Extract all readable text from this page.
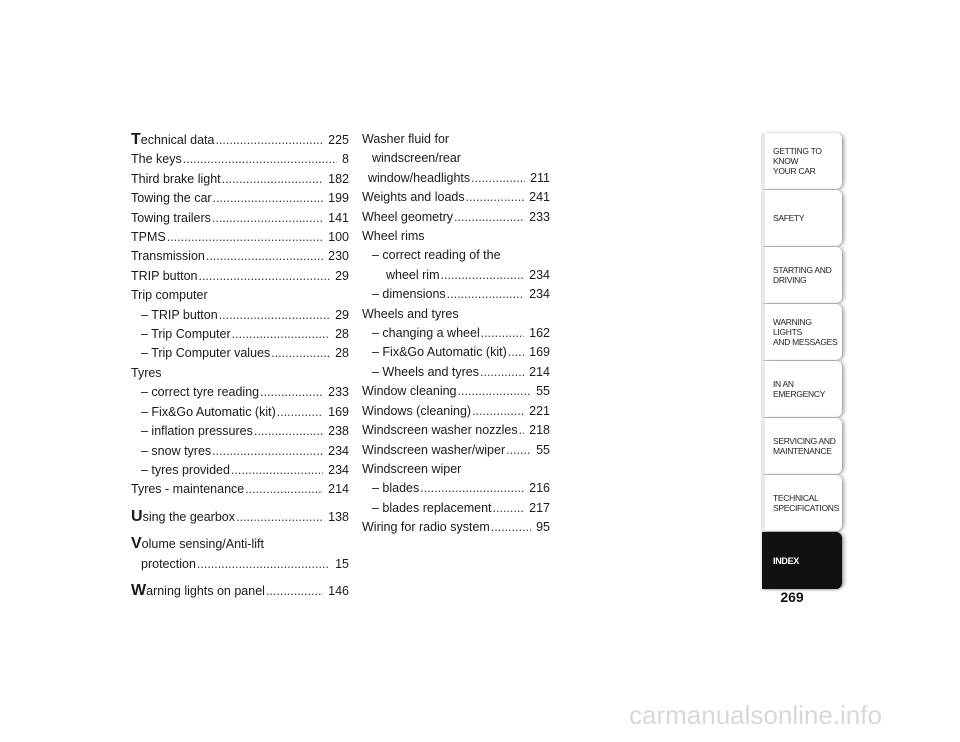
Technical data .....	225
The keys .....	8
Third brake light .....	182
Towing the car .....	199
Towing trailers .....	141
TPMS .....	100
Transmission .....	230
TRIP button .....	29
Trip computer
– TRIP button .....	29
– Trip Computer .....	28
– Trip Computer values .....	28
Tyres
– correct tyre reading .....	233
– Fix&Go Automatic (kit) .....	169
– inflation pressures .....	238
– snow tyres .....	234
– tyres provided .....	234
Tyres - maintenance .....	214
Using the gearbox .....	138
Volume sensing/Anti-lift
protection .....	15
Warning lights on panel .....	146
Washer fluid for
windscreen/rear
window/headlights .....	211
Weights and loads .....	241
Wheel geometry .....	233
Wheel rims
– correct reading of the
wheel rim .....	234
– dimensions .....	234
Wheels and tyres
– changing a wheel .....	162
– Fix&Go Automatic (kit) ..... 169
– Wheels and tyres .....	214
Window cleaning .....	55
Windows (cleaning) .....	221
Windscreen washer nozzles ..... 218
Windscreen washer/wiper ..... 55
Windscreen wiper
– blades .....	216
– blades replacement .....	217
Wiring for radio system .....	95
GETTING TO KNOW
YOUR CAR
SAFETY
STARTING AND
DRIVING
WARNING LIGHTS
AND MESSAGES
IN AN EMERGENCY
SERVICING AND
MAINTENANCE
TECHNICAL
SPECIFICATIONS
INDEX
269
carmanualsonline.info
